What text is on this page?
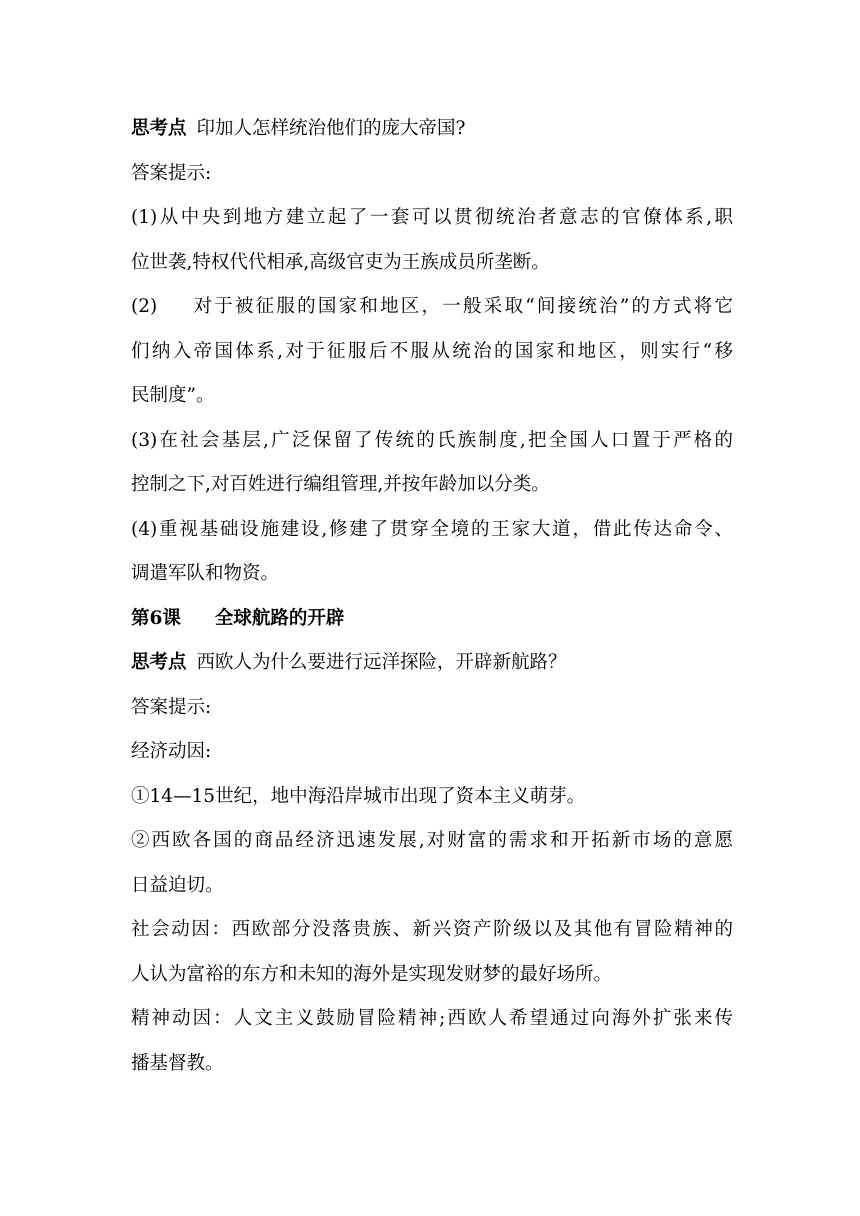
思考点 印加人怎样统治他们的庞大帝国?
答案提示:
(1)从中央到地方建立起了一套可以贯彻统治者意志的官僚体系,职
位世袭,特权代代相承,高级官吏为王族成员所垄断。
(2) 对于被征服的国家和地区，一般采取“间接统治”的方式将它
们纳入帝国体系,对于征服后不服从统治的国家和地区，则实行“移
民制度”。
(3)在社会基层,广泛保留了传统的氏族制度,把全国人口置于严格的
控制之下,对百姓进行编组管理,并按年龄加以分类。
(4)重视基础设施建设,修建了贯穿全境的王家大道，借此传达命令、
调遣军队和物资。
第6课 全球航路的开辟
思考点 西欧人为什么要进行远洋探险，开辟新航路？
答案提示:
经济动因:
①14—15世纪，地中海沿岸城市出现了资本主义萌芽。
②西欧各国的商品经济迅速发展,对财富的需求和开拓新市场的意愿
日益迫切。
社会动因：西欧部分没落贵族、新兴资产阶级以及其他有冒险精神的
人认为富裕的东方和未知的海外是实现发财梦的最好场所。
精神动因：人文主义鼓励冒险精神;西欧人希望通过向海外扩张来传
播基督教。
